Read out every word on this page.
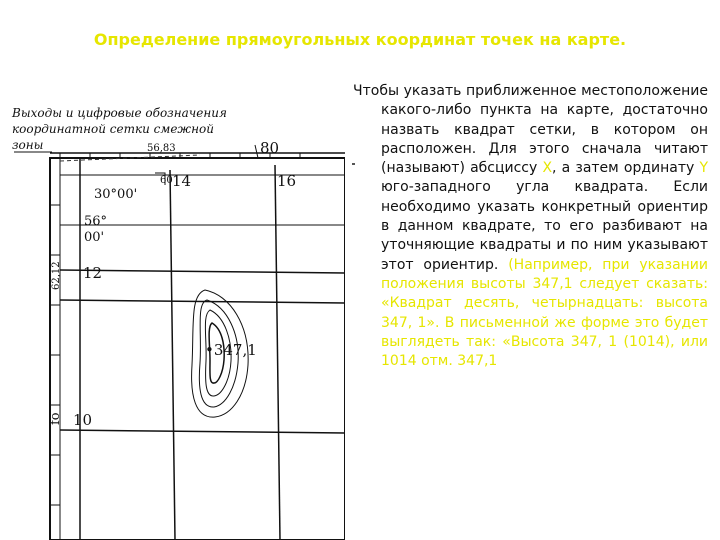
Определение прямоугольных координат точек на карте.
Выходы и цифровые обозначения
координатной сетки смежной
зоны	56,83	80
60 14	16
30°00'
56°
00'
62,12 12
fo 10
•347,1

Чтобы указать приближенное местоположение какого-либо пункта на карте, достаточно назвать квадрат сетки, в котором он расположен. Для этого сначала читают (называют) абсциссу X, а затем ординату Y юго-западного угла квадрата. Если необходимо указать конкретный ориентир в данном квадрате, то его разбивают на уточняющие квадраты и по ним указывают этот ориентир. (Например, при указании положения высоты 347,1 следует сказать: «Квадрат десять, четырнадцать: высота 347, 1». В письменной же форме это будет выглядеть так: «Высота 347, 1 (1014), или 1014 отм. 347,1
